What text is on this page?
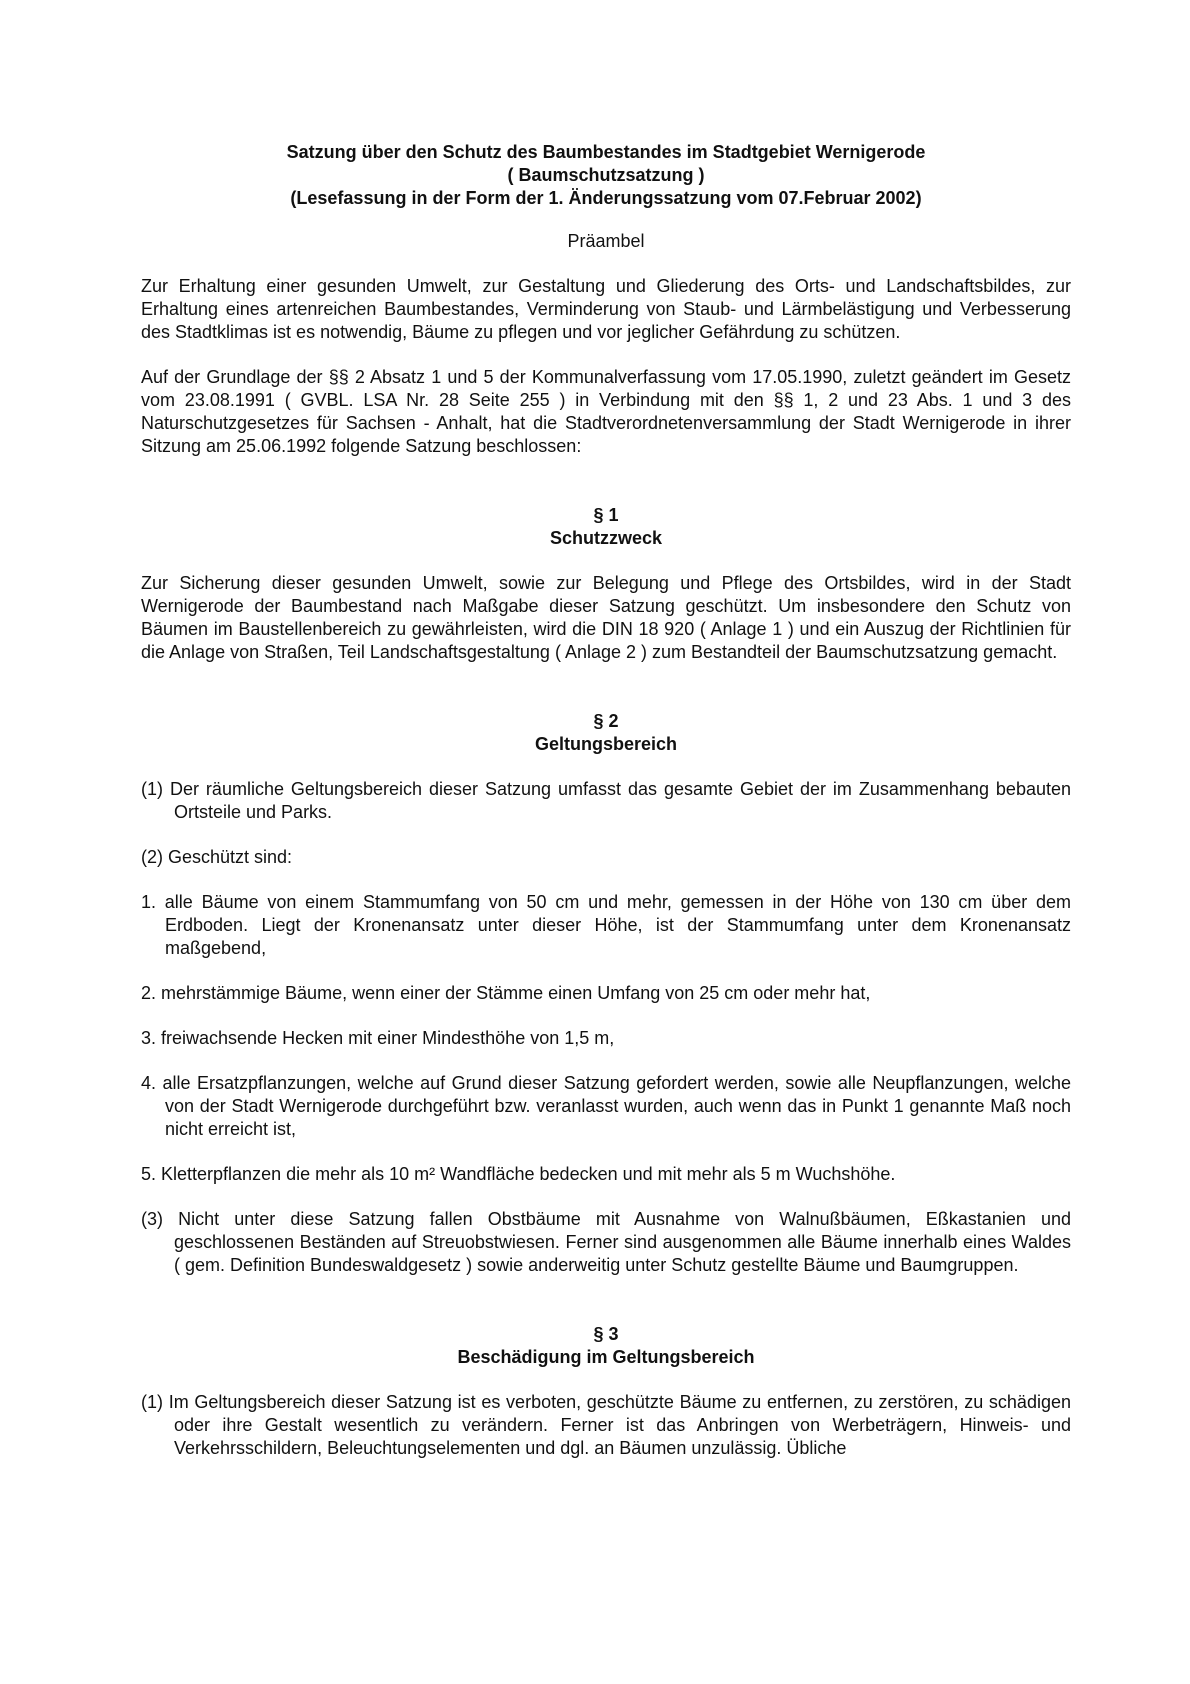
Satzung über den Schutz des Baumbestandes im Stadtgebiet Wernigerode
( Baumschutzsatzung )
(Lesefassung in der Form der 1. Änderungssatzung vom 07.Februar 2002)
Präambel

Zur Erhaltung einer gesunden Umwelt, zur Gestaltung und Gliederung des Orts- und Landschaftsbildes, zur Erhaltung eines artenreichen Baumbestandes, Verminderung von Staub- und Lärmbelästigung und Verbesserung des Stadtklimas ist es notwendig, Bäume zu pflegen und vor jeglicher Gefährdung zu schützen.

Auf der Grundlage der §§ 2 Absatz 1 und 5 der Kommunalverfassung vom 17.05.1990, zuletzt geändert im Gesetz vom 23.08.1991 ( GVBL. LSA Nr. 28 Seite 255 ) in Verbindung mit den §§ 1, 2 und 23 Abs. 1 und 3 des Naturschutzgesetzes für Sachsen - Anhalt, hat die Stadtverordnetenversammlung der Stadt Wernigerode in ihrer Sitzung am 25.06.1992 folgende Satzung beschlossen:

§ 1
Schutzzweck

Zur Sicherung dieser gesunden Umwelt, sowie zur Belegung und Pflege des Ortsbildes, wird in der Stadt Wernigerode der Baumbestand nach Maßgabe dieser Satzung geschützt. Um insbesondere den Schutz von Bäumen im Baustellenbereich zu gewährleisten, wird die DIN 18 920 ( Anlage 1 ) und ein Auszug der Richtlinien für die Anlage von Straßen, Teil Landschaftsgestaltung ( Anlage 2 ) zum Bestandteil der Baumschutzsatzung gemacht.

§ 2
Geltungsbereich

(1) Der räumliche Geltungsbereich dieser Satzung umfasst das gesamte Gebiet der im Zusammenhang bebauten Ortsteile und Parks.

(2) Geschützt sind:

1. alle Bäume von einem Stammumfang von 50 cm und mehr, gemessen in der Höhe von 130 cm über dem Erdboden. Liegt der Kronenansatz unter dieser Höhe, ist der Stammumfang unter dem Kronenansatz maßgebend,

2. mehrstämmige Bäume, wenn einer der Stämme einen Umfang von 25 cm oder mehr hat,

3. freiwachsende Hecken mit einer Mindesthöhe von 1,5 m,

4. alle Ersatzpflanzungen, welche auf Grund dieser Satzung gefordert werden, sowie alle Neupflanzungen, welche von der Stadt Wernigerode durchgeführt bzw. veranlasst wurden, auch wenn das in Punkt 1 genannte Maß noch nicht erreicht ist,

5. Kletterpflanzen die mehr als 10 m² Wandfläche bedecken und mit mehr als 5 m Wuchshöhe.

(3) Nicht unter diese Satzung fallen Obstbäume mit Ausnahme von Walnußbäumen, Eßkastanien und geschlossenen Beständen auf Streuobstwiesen. Ferner sind ausgenommen alle Bäume innerhalb eines Waldes ( gem. Definition Bundeswaldgesetz ) sowie anderweitig unter Schutz gestellte Bäume und Baumgruppen.

§ 3
Beschädigung im Geltungsbereich

(1) Im Geltungsbereich dieser Satzung ist es verboten, geschützte Bäume zu entfernen, zu zerstören, zu schädigen oder ihre Gestalt wesentlich zu verändern. Ferner ist das Anbringen von Werbeträgern, Hinweis- und Verkehrsschildern, Beleuchtungselementen und dgl. an Bäumen unzulässig. Übliche
